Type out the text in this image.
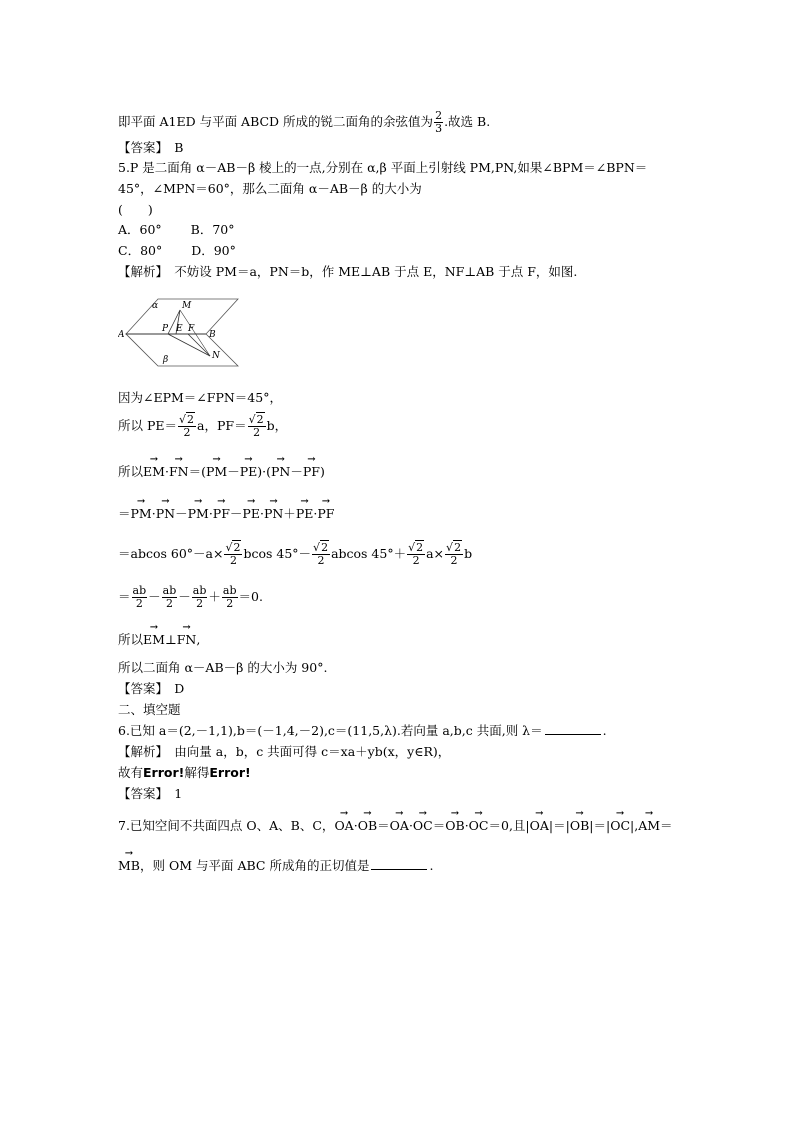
即平面 A1ED 与平面 ABCD 所成的锐二面角的余弦值为 $\frac{2}{3}$ .故选 B.
【答案】　 B
5.P 是二面角 α－AB－β 棱上的一点,分别在 α,β 平面上引射线 PM,PN,如果∠BPM＝∠BPN＝
45°，∠MPN＝60°，那么二面角 α－AB－β 的大小为
(　　)
A．60°　　 B．70°
C．80°　　 D．90°
【解析】　 不妨设 PM＝a，PN＝b，作 ME⊥AB 于点 E，NF⊥AB 于点 F，如图.
A	B
α
β
M
E
P F
N
因为∠EPM＝∠FPN＝45°，
所以 $PE= \frac{√2}{2}$ a，$PF= \frac{√2}{2}$ b，
所以→ EM·→ FN＝(→ PM－→ PE)·(→ PN－→ PF)
＝→ PM·→ PN－→ PM·→ PF－→ PE·→ PN＋→ PE·→ PF
＝abcos $60^\circ-a\times \frac{√2}{2}$ bcos $45^\circ- \frac{√2}{2}$ abcos $45^\circ+ \frac{√2}{2} a\times \frac{√2}{2}$ b
＝ $\frac{ab}{2} - \frac{ab}{2} - \frac{ab}{2} + \frac{ab}{2} =0$.
所以→ EM⊥→ FN,
所以二面角 α－AB－β 的大小为 90°.
【答案】　 D
二、填空题
6.已知 a＝(2,－1,1),b＝(－1,4,－2),c＝(11,5,λ).若向量 a,b,c 共面,则 λ＝	.
【解析】　 由向量 a，b，c 共面可得 c＝xa＋yb(x，y∈R)，
故有Error!解得Error!
【答案】　 1
7.已知空间不共面四点 O、A、B、C，→ OA·→ OB＝→ OA·→ OC＝→ OB·→ OC＝0,且|→ OA|＝|→ OB|＝|→ OC|,→ AM＝
→ MB，则 OM 与平面 ABC 所成角的正切值是	.
